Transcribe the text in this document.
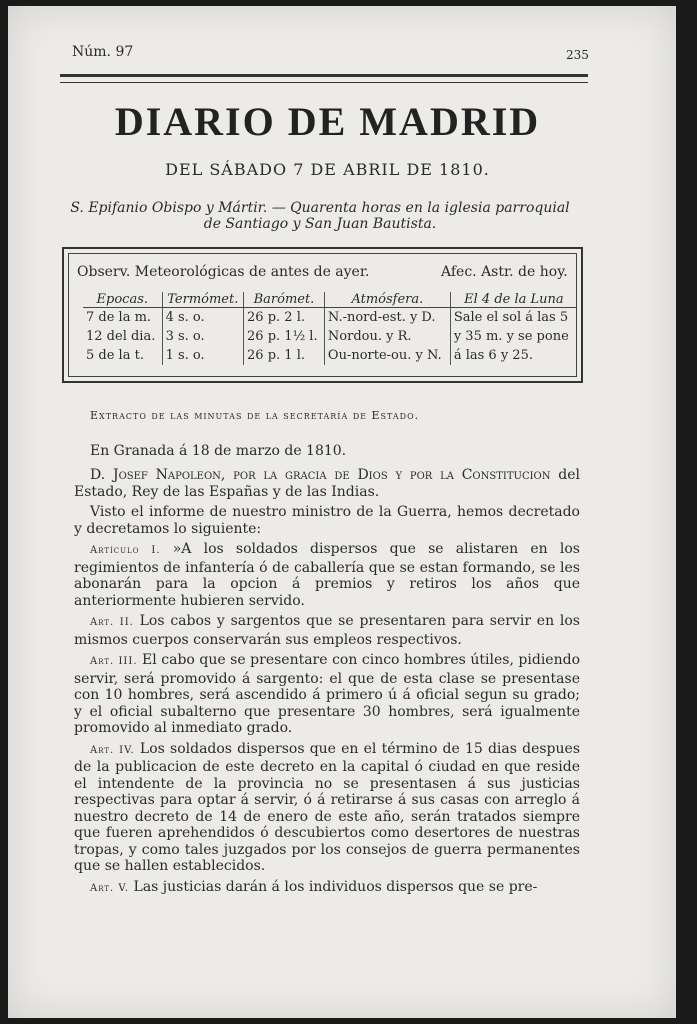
Núm. 97	235
DIARIO DE MADRID
DEL SÁBADO 7 DE ABRIL DE 1810.
S. Epifanio Obispo y Mártir. — Quarenta horas en la iglesia parroquial de Santiago y San Juan Bautista.
Observ. Meteorológicas de antes de ayer.	Afec. Astr. de hoy.
Epocas.	Termómet.	Barómet.	Atmósfera.	El 4 de la Luna
7 de la m.	4 s. o.	26 p. 2 l.	N.-nord-est. y D.	Sale el sol á las 5
12 del dia.	3 s. o.	26 p. 1½ l.	Nordou. y R.	y 35 m. y se pone
5 de la t.	1 s. o.	26 p. 1 l.	Ou-norte-ou. y N.	á las 6 y 25.
Extracto de las minutas de la secretaría de Estado.
En Granada á 18 de marzo de 1810.

D. Josef Napoleon, por la gracia de Dios y por la Constitucion del Estado, Rey de las Españas y de las Indias.

Visto el informe de nuestro ministro de la Guerra, hemos decretado y decretamos lo siguiente:

Artículo I. »A los soldados dispersos que se alistaren en los regimientos de infantería ó de caballería que se estan formando, se les abonarán para la opcion á premios y retiros los años que anteriormente hubieren servido.

Art. II. Los cabos y sargentos que se presentaren para servir en los mismos cuerpos conservarán sus empleos respectivos.

Art. III. El cabo que se presentare con cinco hombres útiles, pidiendo servir, será promovido á sargento: el que de esta clase se presentase con 10 hombres, será ascendido á primero ú á oficial segun su grado; y el oficial subalterno que presentare 30 hombres, será igualmente promovido al inmediato grado.

Art. IV. Los soldados dispersos que en el término de 15 dias despues de la publicacion de este decreto en la capital ó ciudad en que reside el intendente de la provincia no se presentasen á sus justicias respectivas para optar á servir, ó á retirarse á sus casas con arreglo á nuestro decreto de 14 de enero de este año, serán tratados siempre que fueren aprehendidos ó descubiertos como desertores de nuestras tropas, y como tales juzgados por los consejos de guerra permanentes que se hallen establecidos.

Art. V. Las justicias darán á los individuos dispersos que se pre-
